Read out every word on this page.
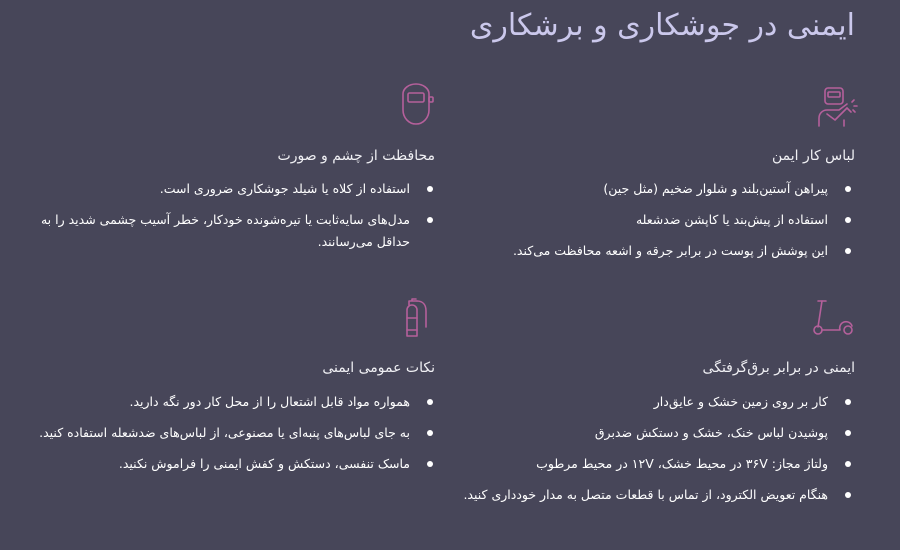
ایمنی در جوشکاری و برشکاری
لباس کار ایمن
پیراهن آستین‌بلند و شلوار ضخیم (مثل جین)
استفاده از پیش‌بند یا کاپشن ضدشعله
این پوشش از پوست در برابر جرقه و اشعه محافظت می‌کند.
محافظت از چشم و صورت
استفاده از کلاه یا شیلد جوشکاری ضروری است.
مدل‌های سایه‌ثابت یا تیره‌شونده خودکار، خطر آسیب چشمی شدید را به حداقل می‌رسانند.
ایمنی در برابر برق‌گرفتگی
کار بر روی زمین خشک و عایق‌دار
پوشیدن لباس خنک، خشک و دستکش ضدبرق
ولتاژ مجاز: ۳۶V در محیط خشک، ۱۲V در محیط مرطوب
هنگام تعویض الکترود، از تماس با قطعات متصل به مدار خودداری کنید.
نکات عمومی ایمنی
همواره مواد قابل اشتعال را از محل کار دور نگه دارید.
به جای لباس‌های پنبه‌ای یا مصنوعی، از لباس‌های ضدشعله استفاده کنید.
ماسک تنفسی، دستکش و کفش ایمنی را فراموش نکنید.
